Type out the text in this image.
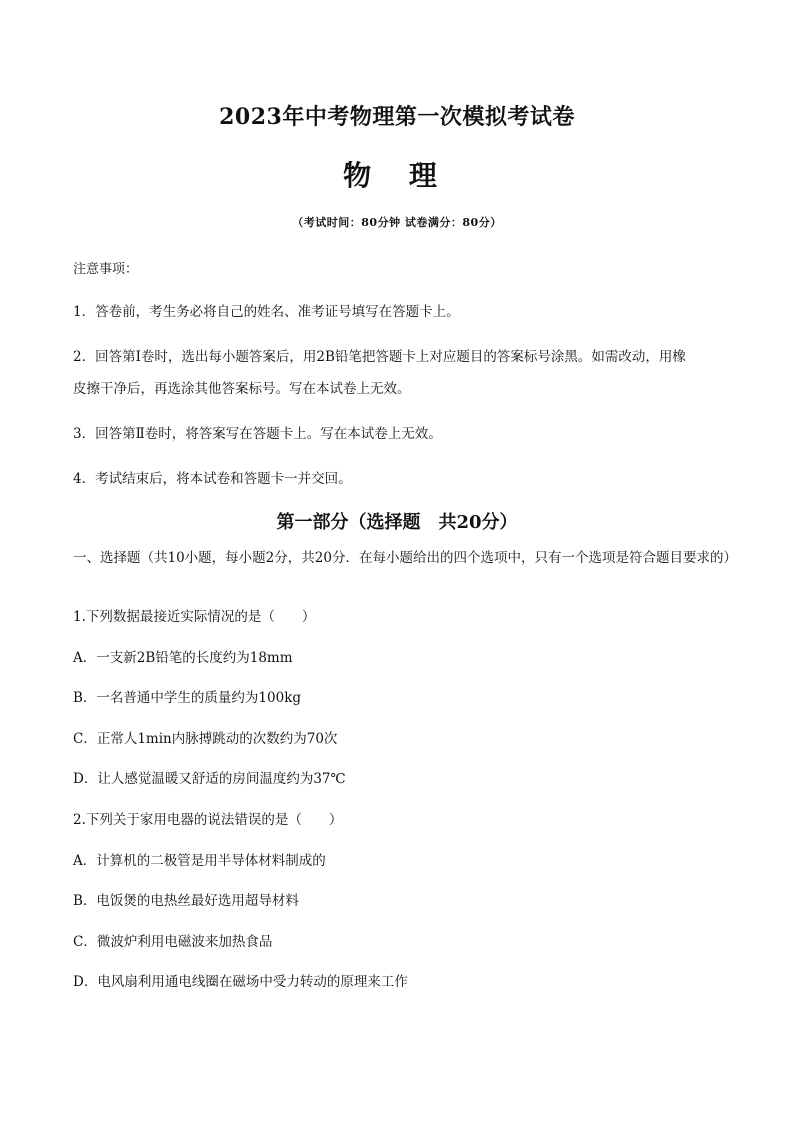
2023年中考物理第一次模拟考试卷
物 理
（考试时间：80分钟 试卷满分：80分）
注意事项：
1．答卷前，考生务必将自己的姓名、准考证号填写在答题卡上。
2．回答第Ⅰ卷时，选出每小题答案后，用2B铅笔把答题卡上对应题目的答案标号涂黑。如需改动，用橡
皮擦干净后，再选涂其他答案标号。写在本试卷上无效。
3．回答第Ⅱ卷时，将答案写在答题卡上。写在本试卷上无效。
4．考试结束后，将本试卷和答题卡一并交回。
第一部分（选择题　共20分）
一、选择题（共10小题，每小题2分，共20分．在每小题给出的四个选项中，只有一个选项是符合题目要求的）
1.下列数据最接近实际情况的是（　　）
A．一支新2B铅笔的长度约为18mm
B．一名普通中学生的质量约为100kg
C．正常人1min内脉搏跳动的次数约为70次
D．让人感觉温暖又舒适的房间温度约为37℃
2.下列关于家用电器的说法错误的是（　　）
A．计算机的二极管是用半导体材料制成的
B．电饭煲的电热丝最好选用超导材料
C．微波炉利用电磁波来加热食品
D．电风扇利用通电线圈在磁场中受力转动的原理来工作
